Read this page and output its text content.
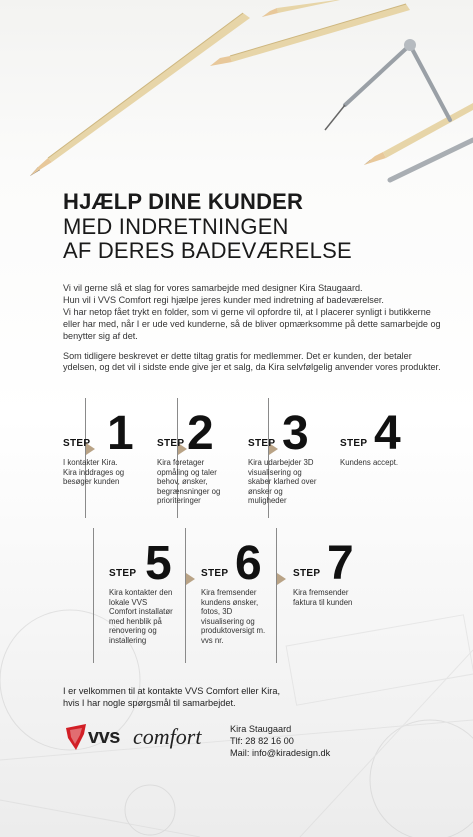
HJÆLP DINE KUNDER
MED INDRETNINGEN
AF DERES BADEVÆRELSE

Vi vil gerne slå et slag for vores samarbejde med designer Kira Staugaard.
Hun vil i VVS Comfort regi hjælpe jeres kunder med indretning af badeværelser.
Vi har netop fået trykt en folder, som vi gerne vil opfordre til, at I placerer synligt i butikkerne eller har med, når I er ude ved kunderne, så de bliver opmærksomme på dette samarbejde og benytter sig af det.

Som tidligere beskrevet er dette tiltag gratis for medlemmer. Det er kunden, der betaler ydelsen, og det vil i sidste ende give jer et salg, da Kira selvfølgelig anvender vores produkter.

STEP 1
I kontakter Kira. Kira inddrages og besøger kunden
STEP 2
Kira foretager opmåling og taler behov, ønsker, begrænsninger og prioriteringer
STEP 3
Kira udarbejder 3D visualisering og skaber klarhed over ønsker og muligheder
STEP 4
Kundens accept.
STEP 5
Kira kontakter den lokale VVS Comfort installatør med henblik på renovering og installering
STEP 6
Kira fremsender kundens ønsker, fotos, 3D visualisering og produktoversigt m. vvs nr.
STEP 7
Kira fremsender faktura til kunden
I er velkommen til at kontakte VVS Comfort eller Kira,
hvis I har nogle spørgsmål til samarbejdet.
vvs comfort	Kira Staugaard
Tlf: 28 82 16 00
Mail: info@kiradesign.dk
